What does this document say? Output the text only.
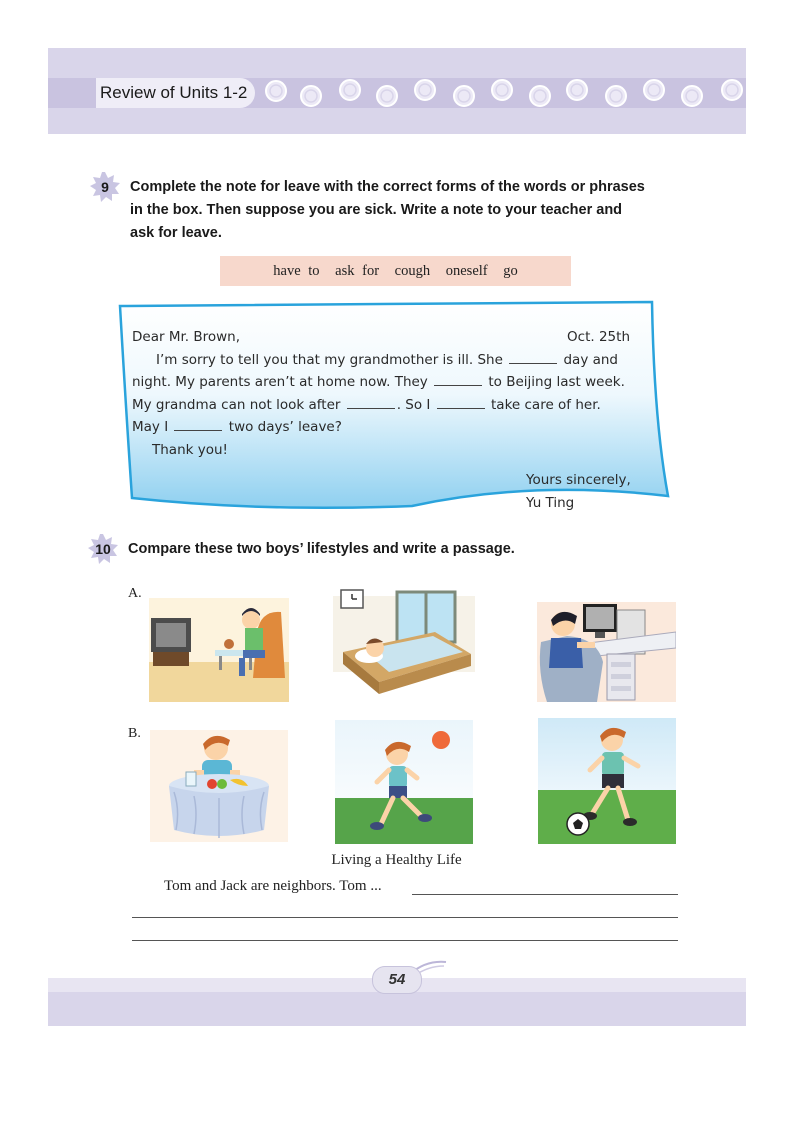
Review of Units 1-2
9	Complete the note for leave with the correct forms of the words or phrases
in the box. Then suppose you are sick. Write a note to your teacher and
ask for leave.
have to ask for cough oneself go
Dear Mr. Brown,	Oct. 25th
I’m sorry to tell you that my grandmother is ill. She	day and
night. My parents aren’t at home now. They	to Beijing last week.
My grandma can not look after	. So I	take care of her.
May I	two days’ leave?
Thank you!
Yours sincerely,
Yu Ting
10	Compare these two boys’ lifestyles and write a passage.
A.
B.
Living a Healthy Life
Tom and Jack are neighbors. Tom ...
54
